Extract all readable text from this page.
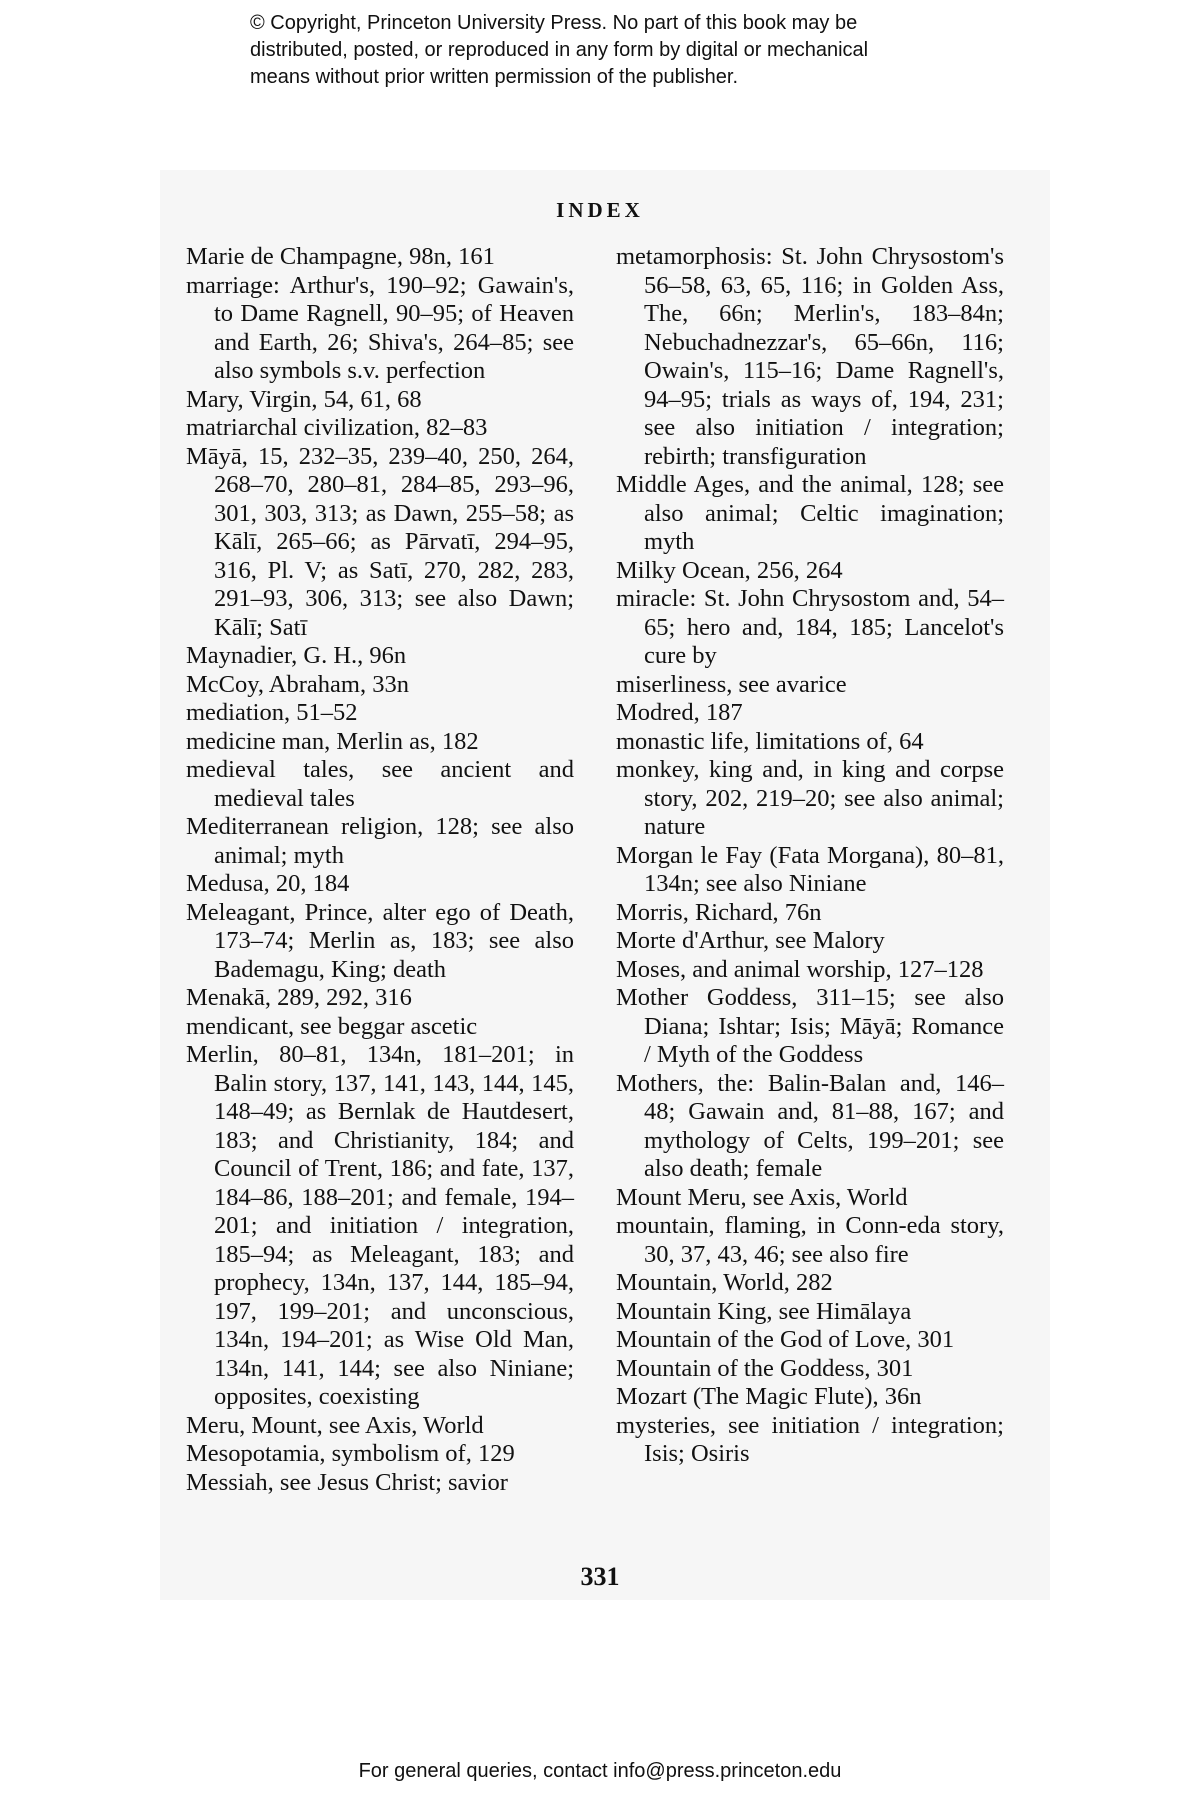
© Copyright, Princeton University Press. No part of this book may be
distributed, posted, or reproduced in any form by digital or mechanical
means without prior written permission of the publisher.
INDEX
Marie de Champagne, 98n, 161
marriage: Arthur's, 190–92; Gawain's, to Dame Ragnell, 90–95; of Heaven and Earth, 26; Shiva's, 264–85; see also symbols s.v. perfection
Mary, Virgin, 54, 61, 68
matriarchal civilization, 82–83
Māyā, 15, 232–35, 239–40, 250, 264, 268–70, 280–81, 284–85, 293–96, 301, 303, 313; as Dawn, 255–58; as Kālī, 265–66; as Pārvatī, 294–95, 316, Pl. V; as Satī, 270, 282, 283, 291–93, 306, 313; see also Dawn; Kālī; Satī
Maynadier, G. H., 96n
McCoy, Abraham, 33n
mediation, 51–52
medicine man, Merlin as, 182
medieval tales, see ancient and medieval tales
Mediterranean religion, 128; see also animal; myth
Medusa, 20, 184
Meleagant, Prince, alter ego of Death, 173–74; Merlin as, 183; see also Bademagu, King; death
Menakā, 289, 292, 316
mendicant, see beggar ascetic
Merlin, 80–81, 134n, 181–201; in Balin story, 137, 141, 143, 144, 145, 148–49; as Bernlak de Hautdesert, 183; and Christianity, 184; and Council of Trent, 186; and fate, 137, 184–86, 188–201; and female, 194–201; and initiation / integration, 185–94; as Meleagant, 183; and prophecy, 134n, 137, 144, 185–94, 197, 199–201; and unconscious, 134n, 194–201; as Wise Old Man, 134n, 141, 144; see also Niniane; opposites, coexisting
Meru, Mount, see Axis, World
Mesopotamia, symbolism of, 129
Messiah, see Jesus Christ; savior
metamorphosis: St. John Chrysostom's 56–58, 63, 65, 116; in Golden Ass, The, 66n; Merlin's, 183–84n; Nebuchadnezzar's, 65–66n, 116; Owain's, 115–16; Dame Ragnell's, 94–95; trials as ways of, 194, 231; see also initiation / integration; rebirth; transfiguration
Middle Ages, and the animal, 128; see also animal; Celtic imagination; myth
Milky Ocean, 256, 264
miracle: St. John Chrysostom and, 54–65; hero and, 184, 185; Lancelot's cure by
miserliness, see avarice
Modred, 187
monastic life, limitations of, 64
monkey, king and, in king and corpse story, 202, 219–20; see also animal; nature
Morgan le Fay (Fata Morgana), 80–81, 134n; see also Niniane
Morris, Richard, 76n
Morte d'Arthur, see Malory
Moses, and animal worship, 127–128
Mother Goddess, 311–15; see also Diana; Ishtar; Isis; Māyā; Romance / Myth of the Goddess
Mothers, the: Balin-Balan and, 146–48; Gawain and, 81–88, 167; and mythology of Celts, 199–201; see also death; female
Mount Meru, see Axis, World
mountain, flaming, in Conn-eda story, 30, 37, 43, 46; see also fire
Mountain, World, 282
Mountain King, see Himālaya
Mountain of the God of Love, 301
Mountain of the Goddess, 301
Mozart (The Magic Flute), 36n
mysteries, see initiation / integration; Isis; Osiris
331
For general queries, contact info@press.princeton.edu
